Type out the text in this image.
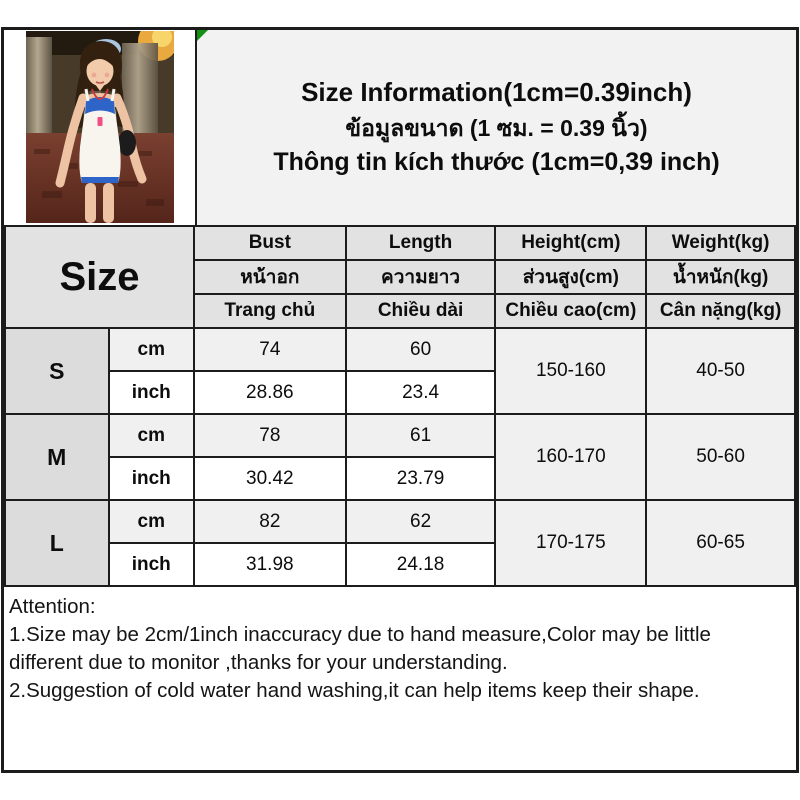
Size Information(1cm=0.39inch)
ข้อมูลขนาด (1 ซม. = 0.39 นิ้ว)
Thông tin kích thước (1cm=0,39 inch)
Size		Bust	Length	Height(cm)	Weight(kg)
		หน้าอก	ความยาว	ส่วนสูง(cm)	น้ำหนัก(kg)
		Trang chủ	Chiều dài	Chiều cao(cm)	Cân nặng(kg)
S	cm	74	60	150-160	40-50
	inch	28.86	23.4		
M	cm	78	61	160-170	50-60
	inch	30.42	23.79		
L	cm	82	62	170-175	60-65
	inch	31.98	24.18		

Attention:

1.Size may be 2cm/1inch inaccuracy due to hand measure,Color may be little different due to monitor ,thanks for your understanding.

2.Suggestion of cold water hand washing,it can help items keep their shape.
